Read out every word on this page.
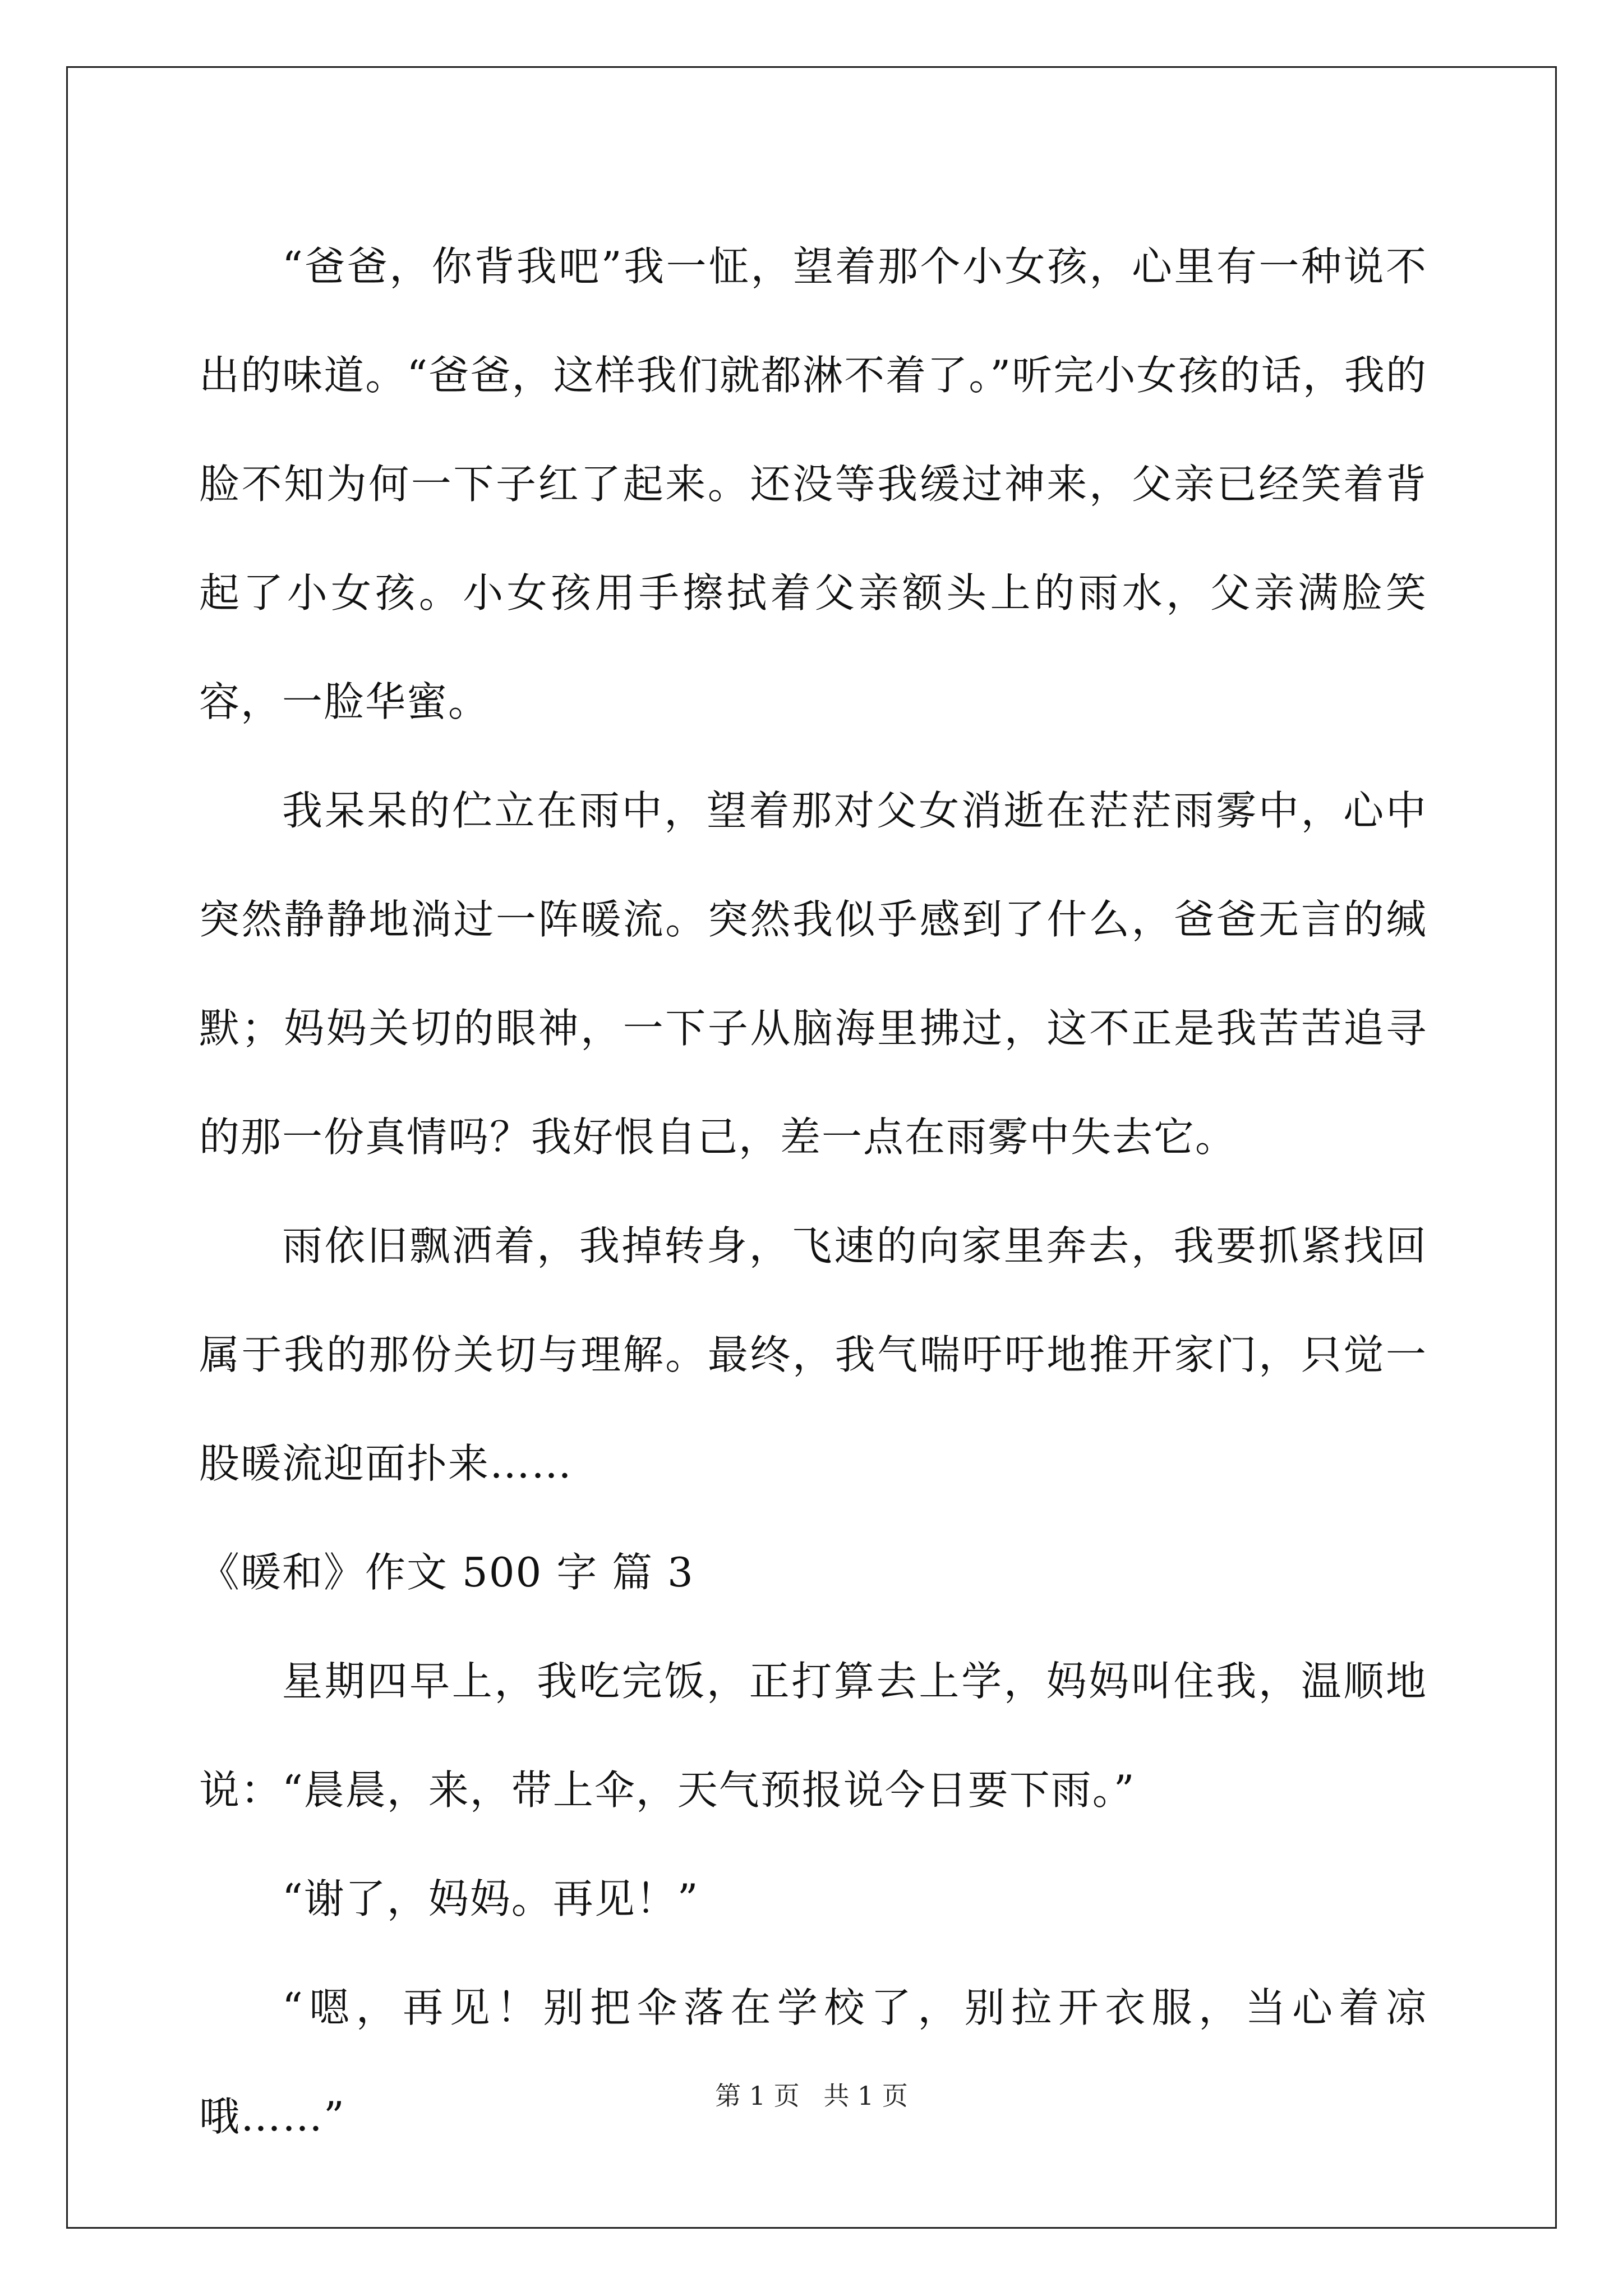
“爸爸，你背我吧”我一怔，望着那个小女孩，心里有一种说不出的味道。“爸爸，这样我们就都淋不着了。”听完小女孩的话，我的脸不知为何一下子红了起来。还没等我缓过神来，父亲已经笑着背起了小女孩。小女孩用手擦拭着父亲额头上的雨水，父亲满脸笑容，一脸华蜜。

我呆呆的伫立在雨中，望着那对父女消逝在茫茫雨雾中，心中突然静静地淌过一阵暖流。突然我似乎感到了什么，爸爸无言的缄默；妈妈关切的眼神，一下子从脑海里拂过，这不正是我苦苦追寻的那一份真情吗？我好恨自己，差一点在雨雾中失去它。

雨依旧飘洒着，我掉转身，飞速的向家里奔去，我要抓紧找回属于我的那份关切与理解。最终，我气喘吁吁地推开家门，只觉一股暖流迎面扑来……

《暖和》作文 500 字 篇 3

星期四早上，我吃完饭，正打算去上学，妈妈叫住我，温顺地说：“晨晨，来，带上伞，天气预报说今日要下雨。”

“谢了，妈妈。再见！”

“嗯，再见！别把伞落在学校了，别拉开衣服，当心着凉哦……”	第 1 页 共 1 页
